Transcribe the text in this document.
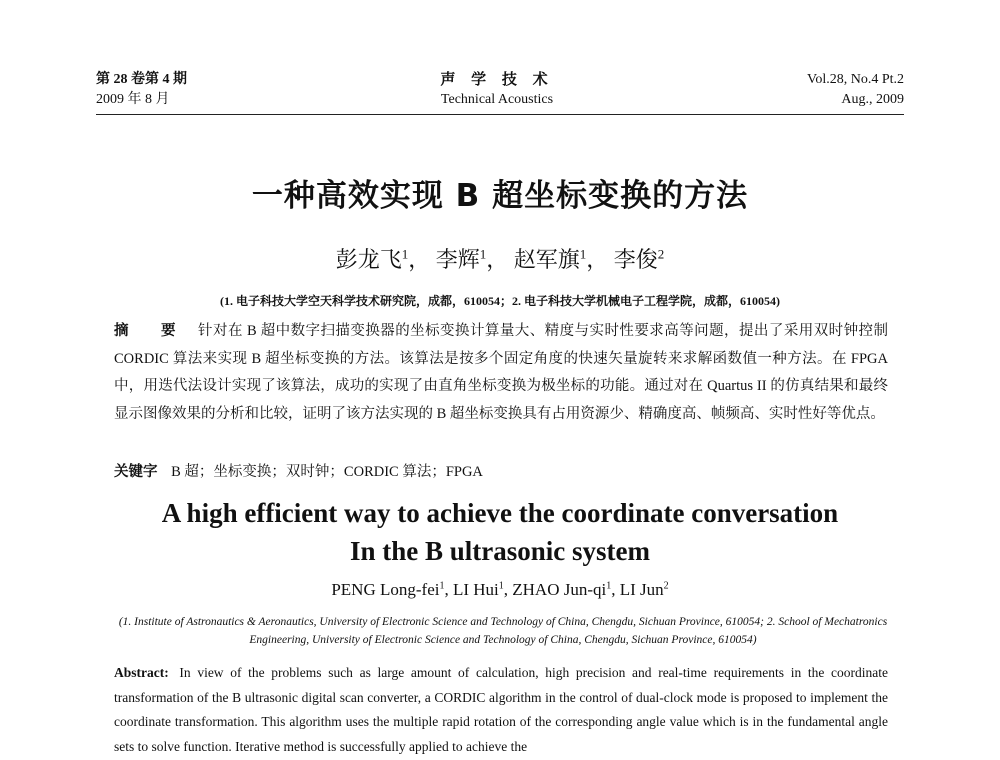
第 28 卷第 4 期
2009 年 8 月
声 学 技 术
Technical Acoustics
Vol.28, No.4 Pt.2
Aug., 2009
一种高效实现 B 超坐标变换的方法
彭龙飞$^1$， 李辉$^1$， 赵军旗$^1$， 李俊$^2$
(1. 电子科技大学空天科学技术研究院，成都，610054；2. 电子科技大学机械电子工程学院，成都，610054)
摘 要 针对在 B 超中数字扫描变换器的坐标变换计算量大、精度与实时性要求高等问题，提出了采用双时钟控制 CORDIC 算法来实现 B 超坐标变换的方法。该算法是按多个固定角度的快速矢量旋转来求解函数值一种方法。在 FPGA 中，用迭代法设计实现了该算法，成功的实现了由直角坐标变换为极坐标的功能。通过对在 Quartus II 的仿真结果和最终显示图像效果的分析和比较，证明了该方法实现的 B 超坐标变换具有占用资源少、精确度高、帧频高、实时性好等优点。
关键字 B 超；坐标变换；双时钟；CORDIC 算法；FPGA
A high efficient way to achieve the coordinate conversation
In the B ultrasonic system
PENG Long-fei$^1$, LI Hui$^1$, ZHAO Jun-$qi^1$, LI Jun$^2$
(1. Institute of Astronautics & Aeronautics, University of Electronic Science and Technology of China, Chengdu, Sichuan Province, 610054; 2. School of Mechatronics Engineering, University of Electronic Science and Technology of China, Chengdu, Sichuan Province, 610054)
Abstract: In view of the problems such as large amount of calculation, high precision and real-time requirements in the coordinate transformation of the B ultrasonic digital scan converter, a CORDIC algorithm in the control of dual-clock mode is proposed to implement the coordinate transformation. This algorithm uses the multiple rapid rotation of the corresponding angle value which is in the fundamental angle sets to solve function. Iterative method is successfully applied to achieve the
